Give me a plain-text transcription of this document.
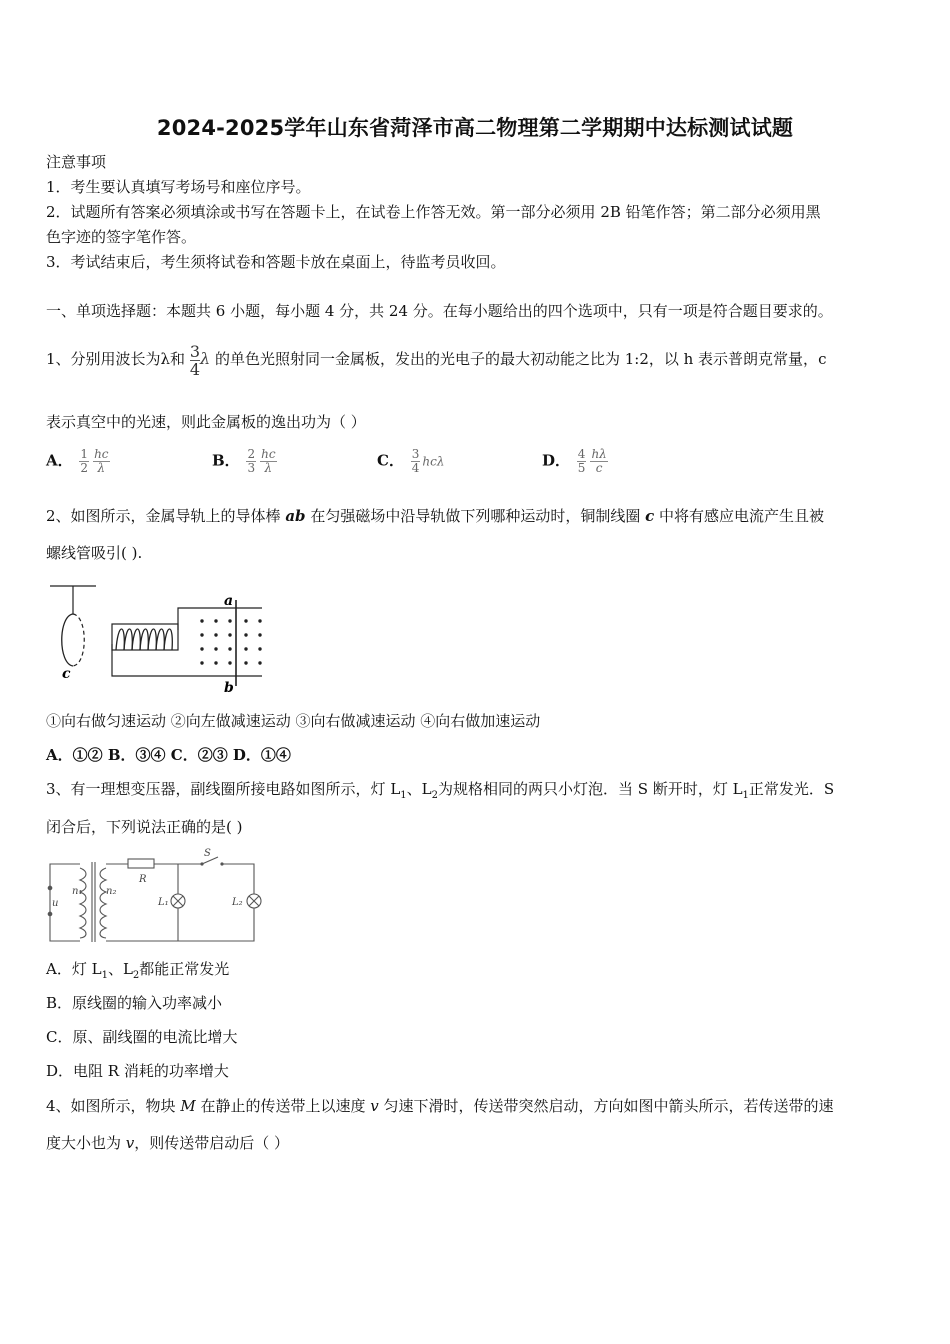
2024-2025学年山东省菏泽市高二物理第二学期期中达标测试试题
注意事项
1．考生要认真填写考场号和座位序号。
2．试题所有答案必须填涂或书写在答题卡上，在试卷上作答无效。第一部分必须用 2B 铅笔作答；第二部分必须用黑
色字迹的签字笔作答。
3．考试结束后，考生须将试卷和答题卡放在桌面上，待监考员收回。
一、单项选择题：本题共 6 小题，每小题 4 分，共 24 分。在每小题给出的四个选项中，只有一项是符合题目要求的。
1、分别用波长为λ和 $\frac{3}{4}$ λ 的单色光照射同一金属板，发出的光电子的最大初动能之比为 1:2，以 h 表示普朗克常量，c
表示真空中的光速，则此金属板的逸出功为（ ）
A． $\frac{1}{2} \frac{hc}{\lambda}$	B． $\frac{2}{3} \frac{hc}{\lambda}$	C． $\frac{3}{4}$ hcλ	D． $\frac{4}{5} \frac{h\lambda}{c}$
2、如图所示，金属导轨上的导体棒 ab 在匀强磁场中沿导轨做下列哪种运动时，铜制线圈 c 中将有感应电流产生且被
螺线管吸引( ).
c
a
b
①向右做匀速运动 ②向左做减速运动 ③向右做减速运动 ④向右做加速运动
A．①② B．③④ C．②③ D．①④
3、有一理想变压器，副线圈所接电路如图所示，灯 $L_1$、$L_2$为规格相同的两只小灯泡．当 S 断开时，灯 $L_1$正常发光．S
闭合后，下列说法正确的是( )
n₁ n₂
u
R
S
L₁	L₂
A．灯 $L_1$、$L_2$都能正常发光
B．原线圈的输入功率减小
C．原、副线圈的电流比增大
D．电阻 R 消耗的功率增大
4、如图所示，物块 M 在静止的传送带上以速度 v 匀速下滑时，传送带突然启动，方向如图中箭头所示，若传送带的速
度大小也为 v，则传送带启动后（ ）
